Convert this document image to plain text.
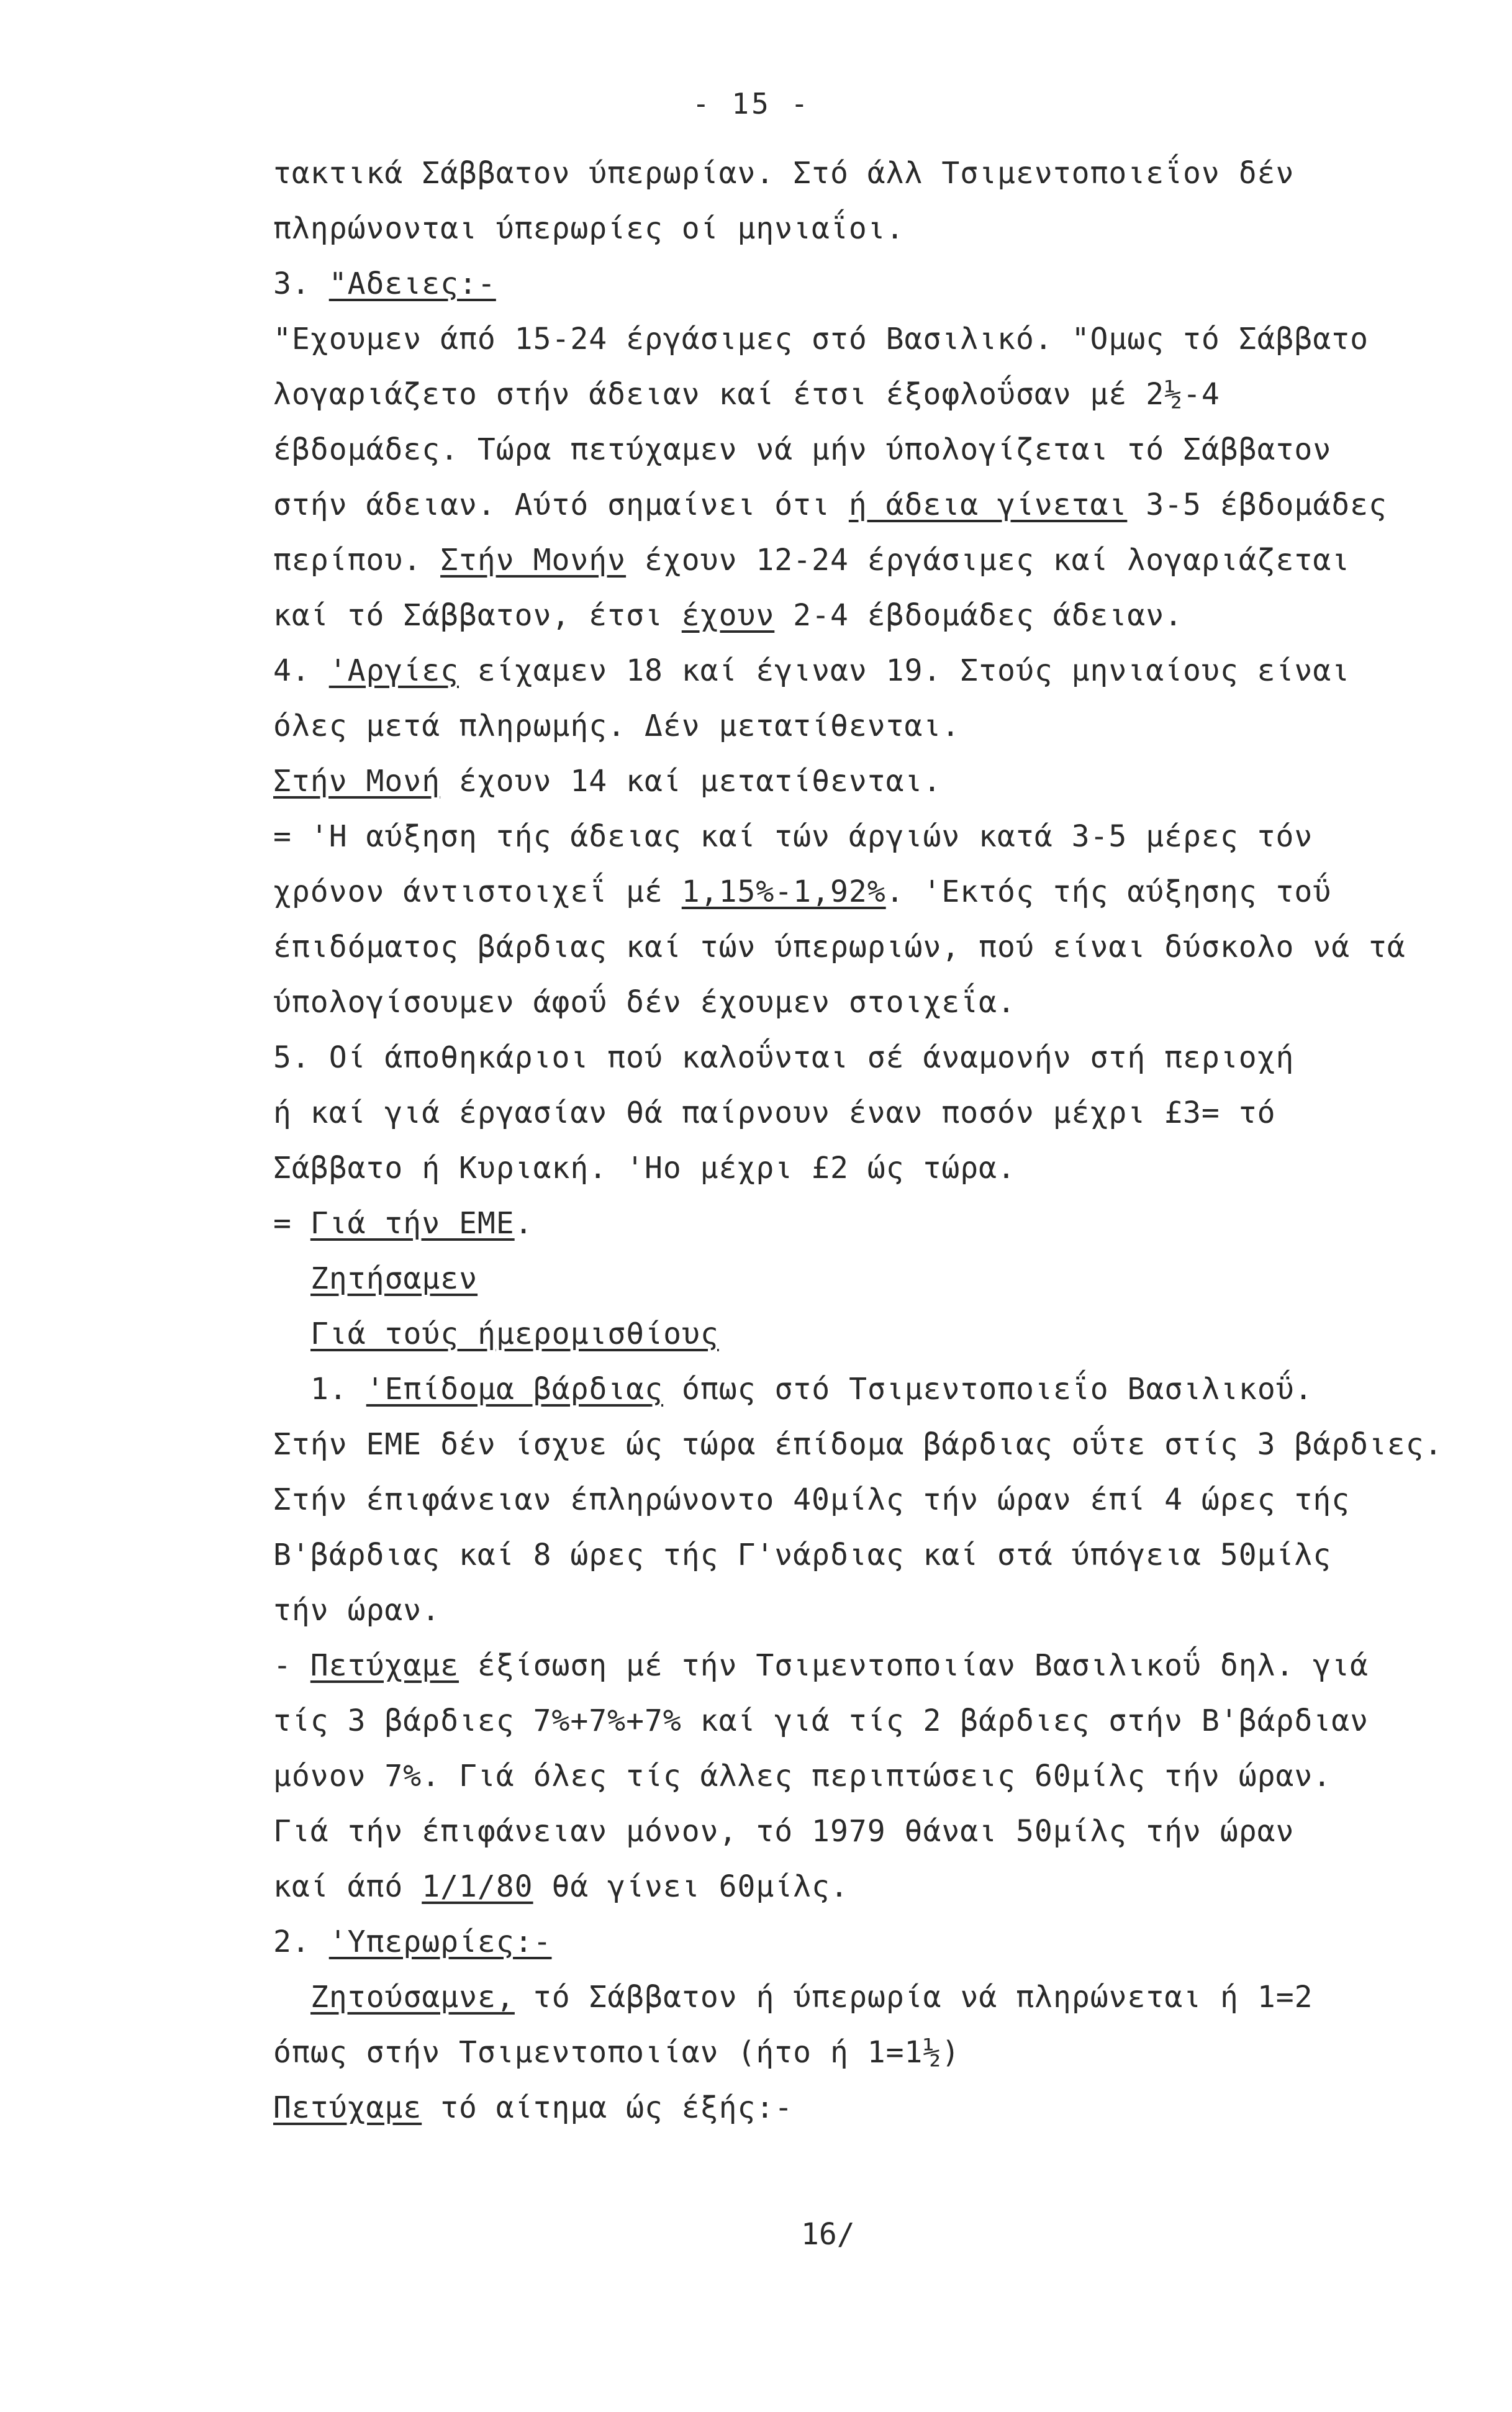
- 15 -
τακτικά Σάββατον ύπερωρίαν. Στό άλλ Τσιμεντοποιεΐον δέν
πληρώνονται ύπερωρίες οί μηνιαΐοι.
3. "Αδειες:-
"Εχουμεν άπό 15-24 έργάσιμες στό Βασιλικό. "Ομως τό Σάββατο
λογαριάζετο στήν άδειαν καί έτσι έξοφλοΰσαν μέ 2½-4
έβδομάδες. Τώρα πετύχαμεν νά μήν ύπολογίζεται τό Σάββατον
στήν άδειαν. Αύτό σημαίνει ότι ή άδεια γίνεται 3-5 έβδομάδες
περίπου. Στήν Μονήν έχουν 12-24 έργάσιμες καί λογαριάζεται
καί τό Σάββατον, έτσι έχουν 2-4 έβδομάδες άδειαν.
4. 'Αργίες είχαμεν 18 καί έγιναν 19. Στούς μηνιαίους είναι
όλες μετά πληρωμής. Δέν μετατίθενται.
Στήν Μονή έχουν 14 καί μετατίθενται.
= 'Η αύξηση τής άδειας καί τών άργιών κατά 3-5 μέρες τόν
χρόνον άντιστοιχεΐ μέ 1,15%-1,92%. 'Εκτός τής αύξησης τοΰ
έπιδόματος βάρδιας καί τών ύπερωριών, πού είναι δύσκολο νά τά
ύπολογίσουμεν άφοΰ δέν έχουμεν στοιχεΐα.
5. Οί άποθηκάριοι πού καλοΰνται σέ άναμονήν στή περιοχή
ή καί γιά έργασίαν θά παίρνουν έναν ποσόν μέχρι £3= τό
Σάββατο ή Κυριακή. 'Ηο μέχρι £2 ώς τώρα.
= Γιά τήν ΕΜΕ.
Ζητήσαμεν
Γιά τούς ήμερομισθίους
1. 'Επίδομα βάρδιας όπως στό Τσιμεντοποιεΐο Βασιλικοΰ.
Στήν ΕΜΕ δέν ίσχυε ώς τώρα έπίδομα βάρδιας οΰτε στίς 3 βάρδιες.
Στήν έπιφάνειαν έπληρώνοντο 40μίλς τήν ώραν έπί 4 ώρες τής
Β'βάρδιας καί 8 ώρες τής Γ'νάρδιας καί στά ύπόγεια 50μίλς
τήν ώραν.
- Πετύχαμε έξίσωση μέ τήν Τσιμεντοποιίαν Βασιλικοΰ δηλ. γιά
τίς 3 βάρδιες 7%+7%+7% καί γιά τίς 2 βάρδιες στήν Β'βάρδιαν
μόνον 7%. Γιά όλες τίς άλλες περιπτώσεις 60μίλς τήν ώραν.
Γιά τήν έπιφάνειαν μόνον, τό 1979 θάναι 50μίλς τήν ώραν
καί άπό 1/1/80 θά γίνει 60μίλς.
2. 'Υπερωρίες:-
Ζητούσαμνε, τό Σάββατον ή ύπερωρία νά πληρώνεται ή 1=2
όπως στήν Τσιμεντοποιίαν (ήτο ή 1=1½)
Πετύχαμε τό αίτημα ώς έξής:-
16/
